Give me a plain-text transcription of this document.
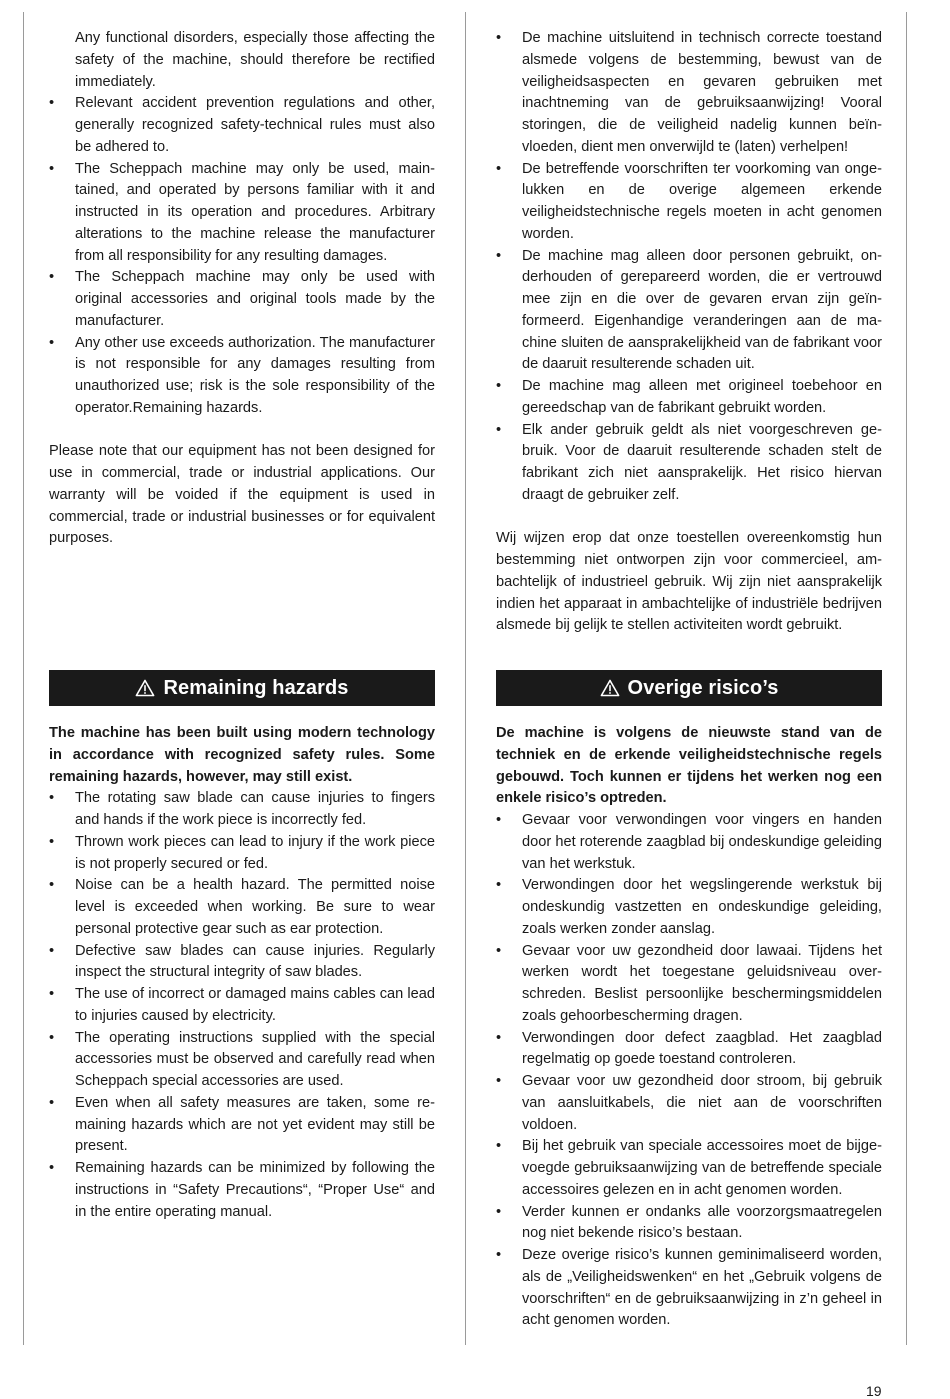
Any functional disorders, especially those affecting the safety of the machine, should therefore be rectified immediately.

• Relevant accident prevention regulations and other, generally recognized safety-technical rules must also be adhered to.
• The Scheppach machine may only be used, maintained, and operated by persons familiar with it and instructed in its operation and procedures. Arbitrary alterations to the machine release the manufacturer from all responsibility for any resulting damages.
• The Scheppach machine may only be used with original accessories and original tools made by the manufacturer.
• Any other use exceeds authorization. The manufacturer is not responsible for any damages resulting from unauthorized use; risk is the sole responsibility of the operator.Remaining hazards.

Please note that our equipment has not been designed for use in commercial, trade or industrial applications. Our warranty will be voided if the equipment is used in commercial, trade or industrial businesses or for equivalent purposes.

• De machine uitsluitend in technisch correcte toestand alsmede volgens de bestemming, bewust van de veiligheidsaspecten en gevaren gebruiken met inachtneming van de gebruiksaanwijzing! Vooral storingen, die de veiligheid nadelig kunnen beïnvloeden, dient men onverwijld te (laten) verhelpen!
• De betreffende voorschriften ter voorkoming van ongelukken en de overige algemeen erkende veiligheidstechnische regels moeten in acht genomen worden.
• De machine mag alleen door personen gebruikt, onderhouden of gerepareerd worden, die er vertrouwd mee zijn en die over de gevaren ervan zijn geïnformeerd. Eigenhandige veranderingen aan de machine sluiten de aansprakelijkheid van de fabrikant voor de daaruit resulterende schaden uit.
• De machine mag alleen met origineel toebehoor en gereedschap van de fabrikant gebruikt worden.
• Elk ander gebruik geldt als niet voorgeschreven gebruik. Voor de daaruit resulterende schaden stelt de fabrikant zich niet aansprakelijk. Het risico hiervan draagt de gebruiker zelf.

Wij wijzen erop dat onze toestellen overeenkomstig hun bestemming niet ontworpen zijn voor commercieel, ambachtelijk of industrieel gebruik. Wij zijn niet aansprakelijk indien het apparaat in ambachtelijke of industriële bedrijven alsmede bij gelijk te stellen activiteiten wordt gebruikt.

Remaining hazards	Overige risico’s

The machine has been built using modern technology in accordance with recognized safety rules. Some remaining hazards, however, may still exist.

• The rotating saw blade can cause injuries to fingers and hands if the work piece is incorrectly fed.
• Thrown work pieces can lead to injury if the work piece is not properly secured or fed.
• Noise can be a health hazard. The permitted noise level is exceeded when working. Be sure to wear personal protective gear such as ear protection.
• Defective saw blades can cause injuries. Regularly inspect the structural integrity of saw blades.
• The use of incorrect or damaged mains cables can lead to injuries caused by electricity.
• The operating instructions supplied with the special accessories must be observed and carefully read when Scheppach special accessories are used.
• Even when all safety measures are taken, some remaining hazards which are not yet evident may still be present.
• Remaining hazards can be minimized by following the instructions in “Safety Precautions“, “Proper Use“ and in the entire operating manual.

De machine is volgens de nieuwste stand van de techniek en de erkende veiligheidstechnische regels gebouwd. Toch kunnen er tijdens het werken nog een enkele risico’s optreden.

• Gevaar voor verwondingen voor vingers en handen door het roterende zaagblad bij ondeskundige geleiding van het werkstuk.
• Verwondingen door het wegslingerende werkstuk bij ondeskundig vastzetten en ondeskundige geleiding, zoals werken zonder aanslag.
• Gevaar voor uw gezondheid door lawaai. Tijdens het werken wordt het toegestane geluidsniveau overschreden. Beslist persoonlijke beschermingsmiddelen zoals gehoorbescherming dragen.
• Verwondingen door defect zaagblad. Het zaagblad regelmatig op goede toestand controleren.
• Gevaar voor uw gezondheid door stroom, bij gebruik van aansluitkabels, die niet aan de voorschriften voldoen.
• Bij het gebruik van speciale accessoires moet de bijgevoegde gebruiksaanwijzing van de betreffende speciale accessoires gelezen en in acht genomen worden.
• Verder kunnen er ondanks alle voorzorgsmaatregelen nog niet bekende risico’s bestaan.
• Deze overige risico’s kunnen geminimaliseerd worden, als de „Veiligheidswenken“ en het „Gebruik volgens de voorschriften“ en de gebruiksaanwijzing in z’n geheel in acht genomen worden.
19
